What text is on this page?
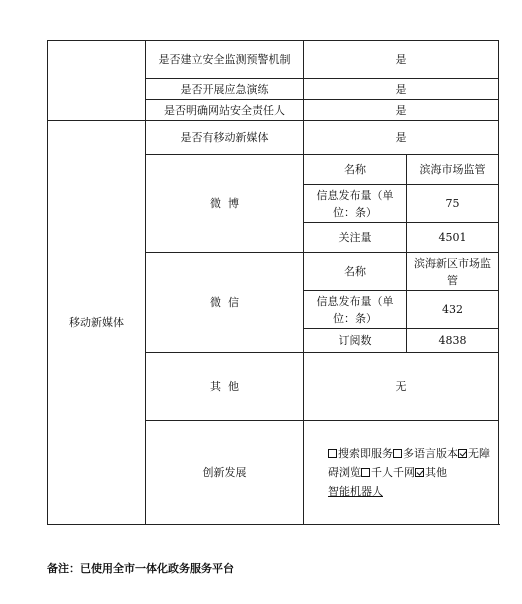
	是否建立安全监测预警机制	是	
	是否开展应急演练	是	
	是否明确网站安全责任人	是	
移动新媒体	是否有移动新媒体	是	
	微  博	名称	滨海市场监管
		信息发布量（单位：条）	75
		关注量	4501
	微  信	名称	滨海新区市场监管
		信息发布量（单位：条）	432
		订阅数	4838
	其  他	无	
	创新发展	搜索即服务 多语言版本 无障碍浏览 千人千网 其他
智能机器人	
备注：已使用全市一体化政务服务平台
